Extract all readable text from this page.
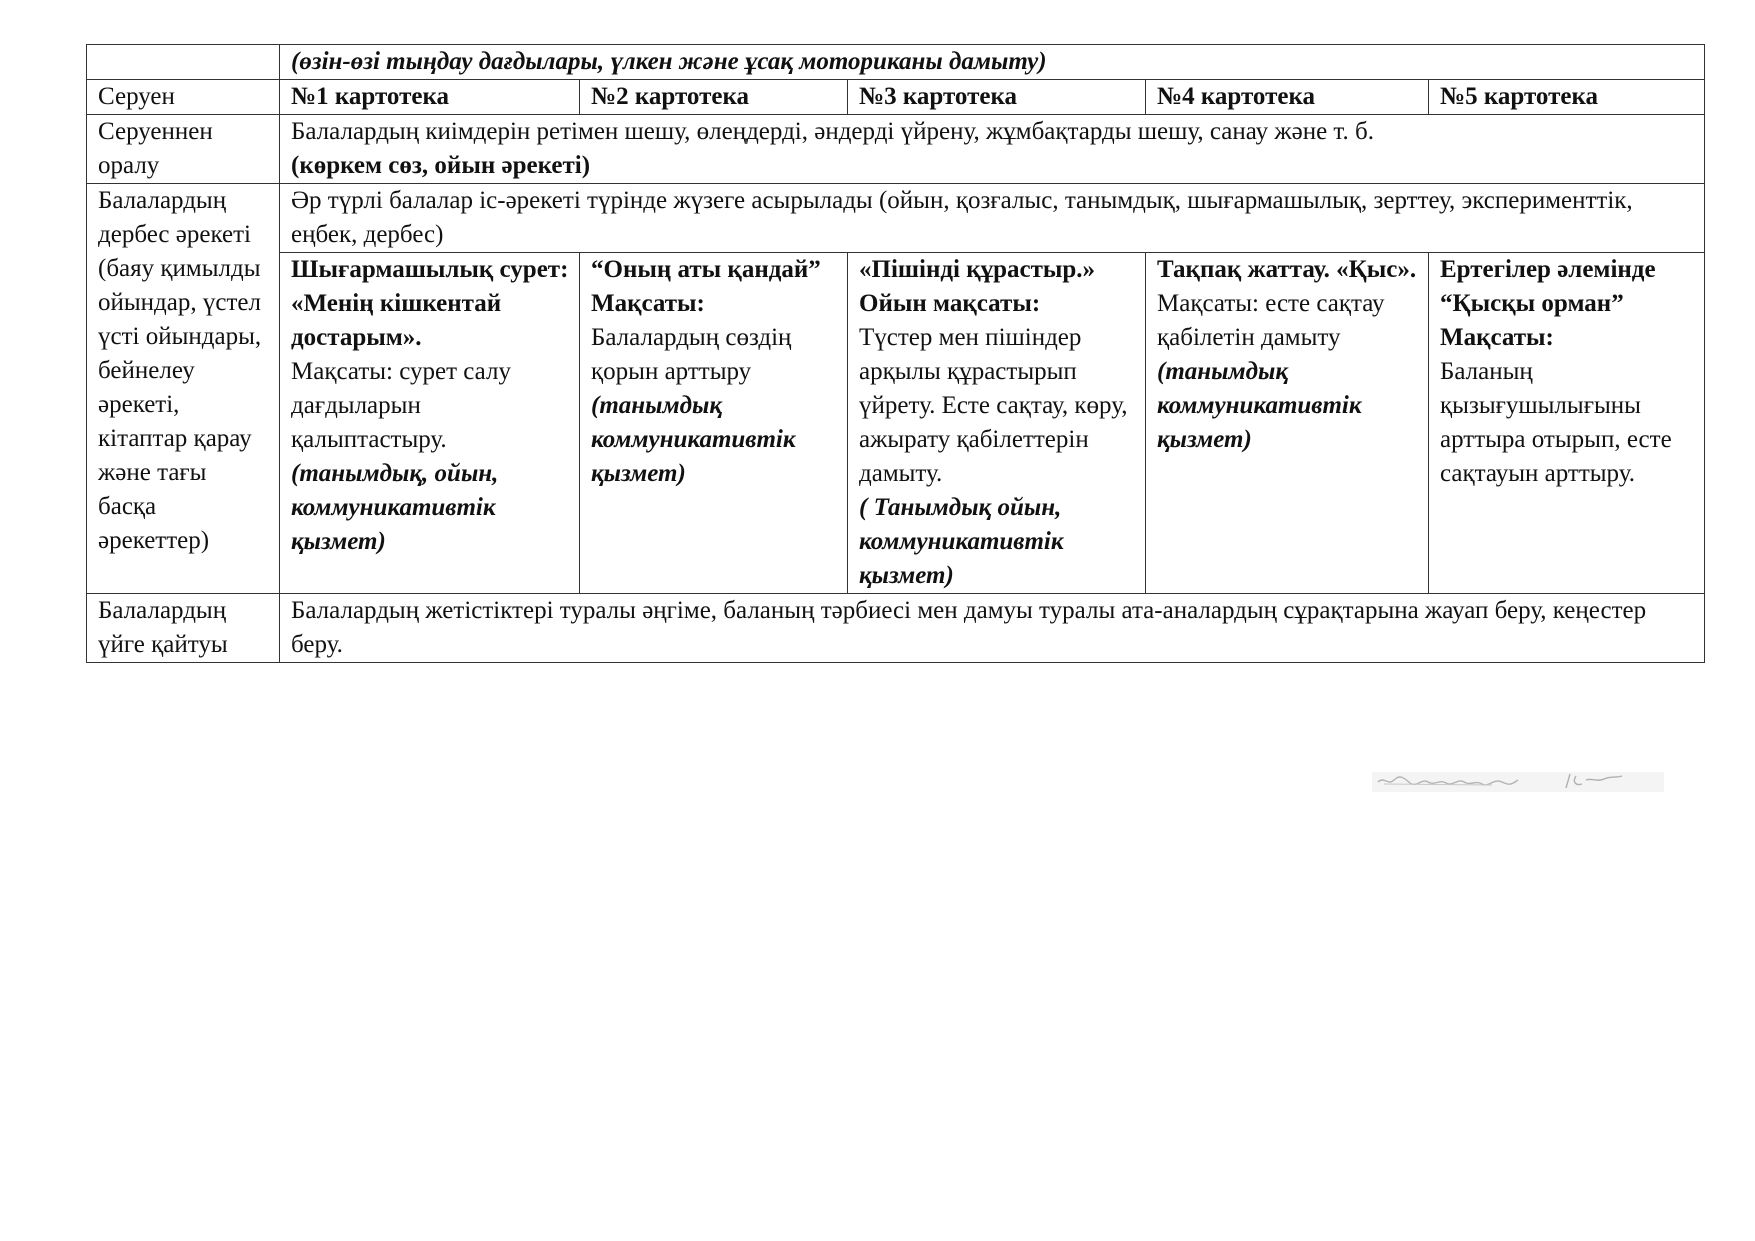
	(өзін-өзі тыңдау дағдылары, үлкен және ұсақ моториканы дамыту)				
Серуен	№1 картотека	№2 картотека	№3 картотека	№4 картотека	№5 картотека
Серуеннен оралу	Балалардың киімдерін ретімен шешу, өлеңдерді, әндерді үйрену, жұмбақтарды шешу, санау және т. б.
(көркем сөз, ойын әрекеті)				
Балалардың дербес әрекеті (баяу қимылды ойындар, үстел үсті ойындары, бейнелеу әрекеті, кітаптар қарау және тағы басқа әрекеттер)	Әр түрлі балалар іс-әрекеті түрінде жүзеге асырылады (ойын, қозғалыс, танымдық, шығармашылық, зерттеу, эксперименттік, еңбек, дербес)				

	Шығармашылық сурет: «Менің кішкентай достарым».
Мақсаты: сурет салу дағдыларын қалыптастыру.
(танымдық, ойын, коммуникативтік қызмет)	“Оның аты қандай”
Мақсаты:
Балалардың сөздің қорын арттыру
(танымдық коммуникативтік қызмет)	«Пішінді құрастыр.»
Ойын мақсаты:
Түстер мен пішіндер арқылы құрастырып үйрету. Есте сақтау, көру, ажырату қабілеттерін дамыту.
( Танымдық ойын, коммуникативтік қызмет)	Тақпақ жаттау. «Қыс».
Мақсаты: есте сақтау қабілетін дамыту (танымдық коммуникативтік қызмет)	Ертегілер әлемінде “Қысқы орман”
Мақсаты:
Баланың қызығушылығыны арттыра отырып, есте сақтауын арттыру.

Балалардың үйге қайтуы	Балалардың жетістіктері туралы әңгіме, баланың тәрбиесі мен дамуы туралы ата-аналардың сұрақтарына жауап беру, кеңестер беру.				
